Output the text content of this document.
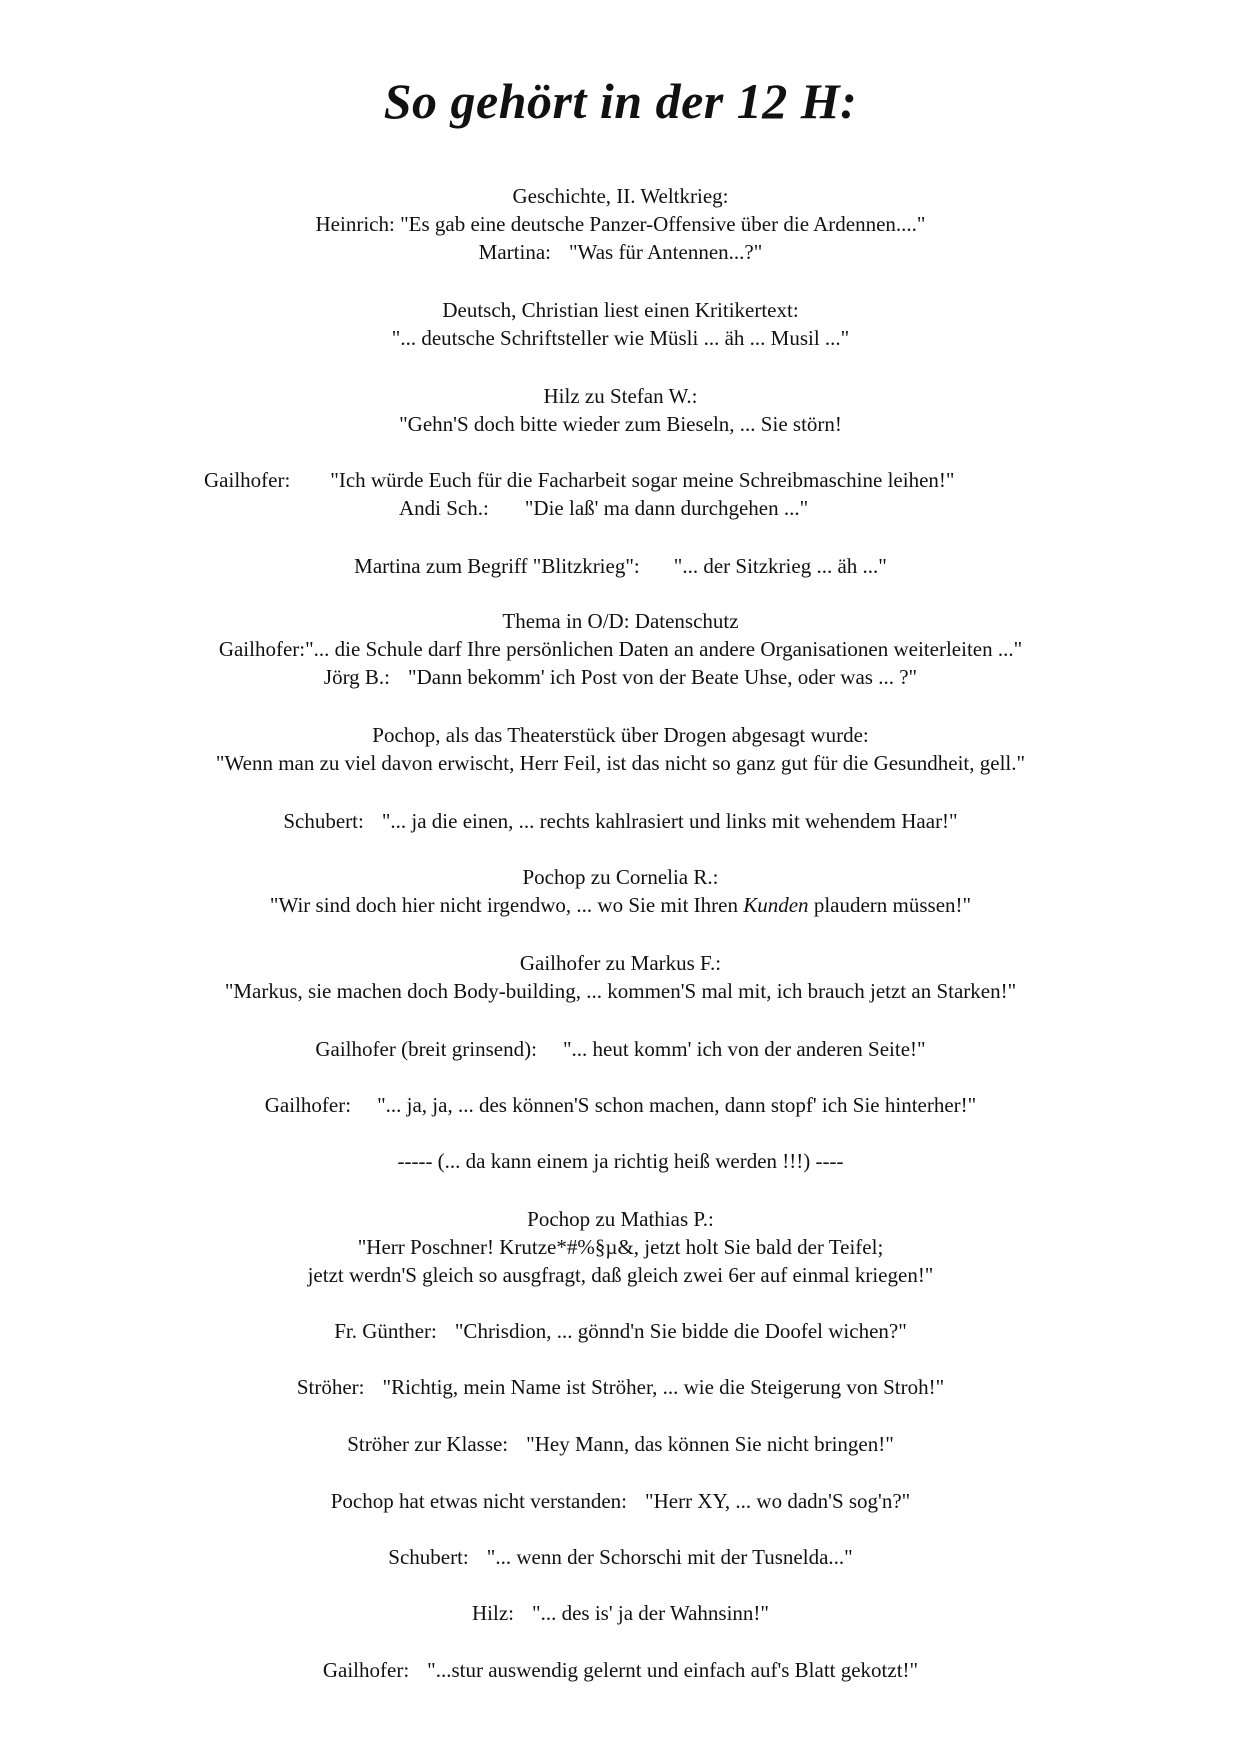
So gehört in der 12 H:
Geschichte, II. Weltkrieg:
Heinrich: "Es gab eine deutsche Panzer-Offensive über die Ardennen...."
Martina: "Was für Antennen...?"
Deutsch, Christian liest einen Kritikertext:
"... deutsche Schriftsteller wie Müsli ... äh ... Musil ..."
Hilz zu Stefan W.:
"Gehn'S doch bitte wieder zum Bieseln, ... Sie störn!
Gailhofer: "Ich würde Euch für die Facharbeit sogar meine Schreibmaschine leihen!"
Andi Sch.: "Die laß' ma dann durchgehen ..."
Martina zum Begriff "Blitzkrieg": "... der Sitzkrieg ... äh ..."
Thema in O/D: Datenschutz
Gailhofer:"... die Schule darf Ihre persönlichen Daten an andere Organisationen weiterleiten ..."
Jörg B.: "Dann bekomm' ich Post von der Beate Uhse, oder was ... ?"
Pochop, als das Theaterstück über Drogen abgesagt wurde:
"Wenn man zu viel davon erwischt, Herr Feil, ist das nicht so ganz gut für die Gesundheit, gell."
Schubert: "... ja die einen, ... rechts kahlrasiert und links mit wehendem Haar!"
Pochop zu Cornelia R.:
"Wir sind doch hier nicht irgendwo, ... wo Sie mit Ihren Kunden plaudern müssen!"
Gailhofer zu Markus F.:
"Markus, sie machen doch Body-building, ... kommen'S mal mit, ich brauch jetzt an Starken!"
Gailhofer (breit grinsend): "... heut komm' ich von der anderen Seite!"
Gailhofer: "... ja, ja, ... des können'S schon machen, dann stopf' ich Sie hinterher!"
----- (... da kann einem ja richtig heiß werden !!!) ----
Pochop zu Mathias P.:
"Herr Poschner! Krutze*#%§µ&, jetzt holt Sie bald der Teifel;
jetzt werdn'S gleich so ausgfragt, daß gleich zwei 6er auf einmal kriegen!"
Fr. Günther: "Chrisdion, ... gönnd'n Sie bidde die Doofel wichen?"
Ströher: "Richtig, mein Name ist Ströher, ... wie die Steigerung von Stroh!"
Ströher zur Klasse: "Hey Mann, das können Sie nicht bringen!"
Pochop hat etwas nicht verstanden: "Herr XY, ... wo dadn'S sog'n?"
Schubert: "... wenn der Schorschi mit der Tusnelda..."
Hilz: "... des is' ja der Wahnsinn!"
Gailhofer: "...stur auswendig gelernt und einfach auf's Blatt gekotzt!"
